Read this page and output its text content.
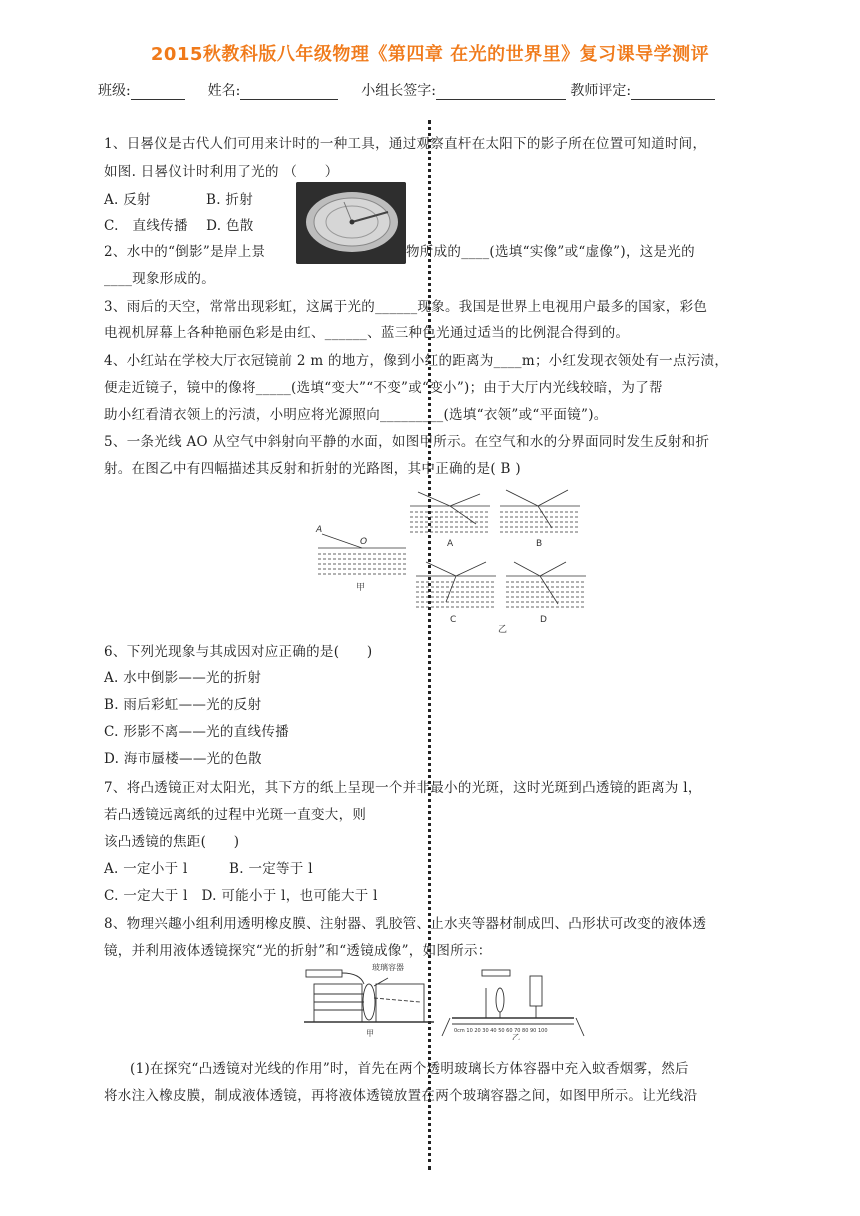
2015秋教科版八年级物理《第四章 在光的世界里》复习课导学测评
班级:	姓名:	小组长签字:	教师评定:
1、日晷仪是古代人们可用来计时的一种工具，通过观察直杆在太阳下的影子所在位置可知道时间，
如图. 日晷仪计时利用了光的 （　　）
A. 反射　　　　B. 折射
C.　直线传播　 D. 色散
2、水中的“倒影”是岸上景	物所成的____(选填“实像”或“虚像”)，这是光的
____现象形成的。
3、雨后的天空，常常出现彩虹，这属于光的______现象。我国是世界上电视用户最多的国家，彩色
电视机屏幕上各种艳丽色彩是由红、______、蓝三种色光通过适当的比例混合得到的。
4、小红站在学校大厅衣冠镜前 2 m 的地方，像到小红的距离为____m；小红发现衣领处有一点污渍，
便走近镜子，镜中的像将_____(选填“变大”“不变”或“变小”)；由于大厅内光线较暗，为了帮
助小红看清衣领上的污渍，小明应将光源照向_________(选填“衣领”或“平面镜”)。
5、一条光线 AO 从空气中斜射向平静的水面，如图甲所示。在空气和水的分界面同时发生反射和折
射。在图乙中有四幅描述其反射和折射的光路图，其中正确的是( B )
A
O
甲
A	B
C	D
乙
6、下列光现象与其成因对应正确的是(　　)
A. 水中倒影——光的折射
B. 雨后彩虹——光的反射
C. 形影不离——光的直线传播
D. 海市蜃楼——光的色散
7、将凸透镜正对太阳光，其下方的纸上呈现一个并非最小的光斑，这时光斑到凸透镜的距离为 l，
若凸透镜远离纸的过程中光斑一直变大，则
该凸透镜的焦距(　　)
A. 一定小于 l　　　B. 一定等于 l
C. 一定大于 l　D. 可能小于 l，也可能大于 l
8、物理兴趣小组利用透明橡皮膜、注射器、乳胶管、止水夹等器材制成凹、凸形状可改变的液体透
镜，并利用液体透镜探究“光的折射”和“透镜成像”，如图所示：
玻璃容器
甲	0cm 10 20 30 40 50 60 70 80 90 100
乙
(1)在探究“凸透镜对光线的作用”时，首先在两个透明玻璃长方体容器中充入蚊香烟雾，然后
将水注入橡皮膜，制成液体透镜，再将液体透镜放置在两个玻璃容器之间，如图甲所示。让光线沿
